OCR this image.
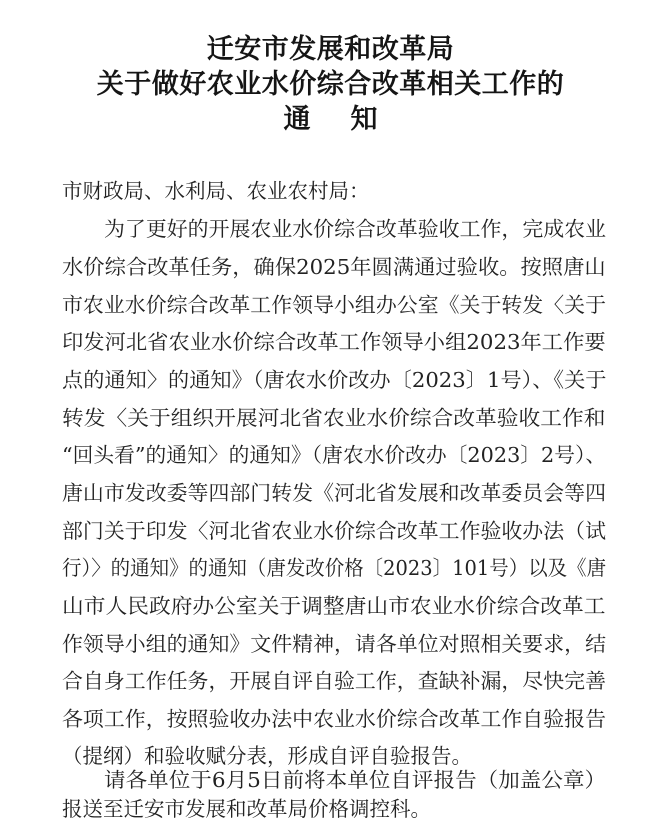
迁安市发展和改革局
关于做好农业水价综合改革相关工作的
通知
市财政局、水利局、农业农村局：
为了更好的开展农业水价综合改革验收工作，完成农业
水价综合改革任务，确保2025年圆满通过验收。按照唐山
市农业水价综合改革工作领导小组办公室《关于转发〈关于
印发河北省农业水价综合改革工作领导小组2023年工作要
点的通知〉的通知》（唐农水价改办〔2023〕1号）、《关于
转发〈关于组织开展河北省农业水价综合改革验收工作和
“回头看”的通知〉的通知》（唐农水价改办〔2023〕2号）、
唐山市发改委等四部门转发《河北省发展和改革委员会等四
部门关于印发〈河北省农业水价综合改革工作验收办法（试
行）〉的通知》的通知（唐发改价格〔2023〕101号）以及《唐
山市人民政府办公室关于调整唐山市农业水价综合改革工
作领导小组的通知》文件精神，请各单位对照相关要求，结
合自身工作任务，开展自评自验工作，查缺补漏，尽快完善
各项工作，按照验收办法中农业水价综合改革工作自验报告
（提纲）和验收赋分表，形成自评自验报告。
请各单位于6月5日前将本单位自评报告（加盖公章）
报送至迁安市发展和改革局价格调控科。
